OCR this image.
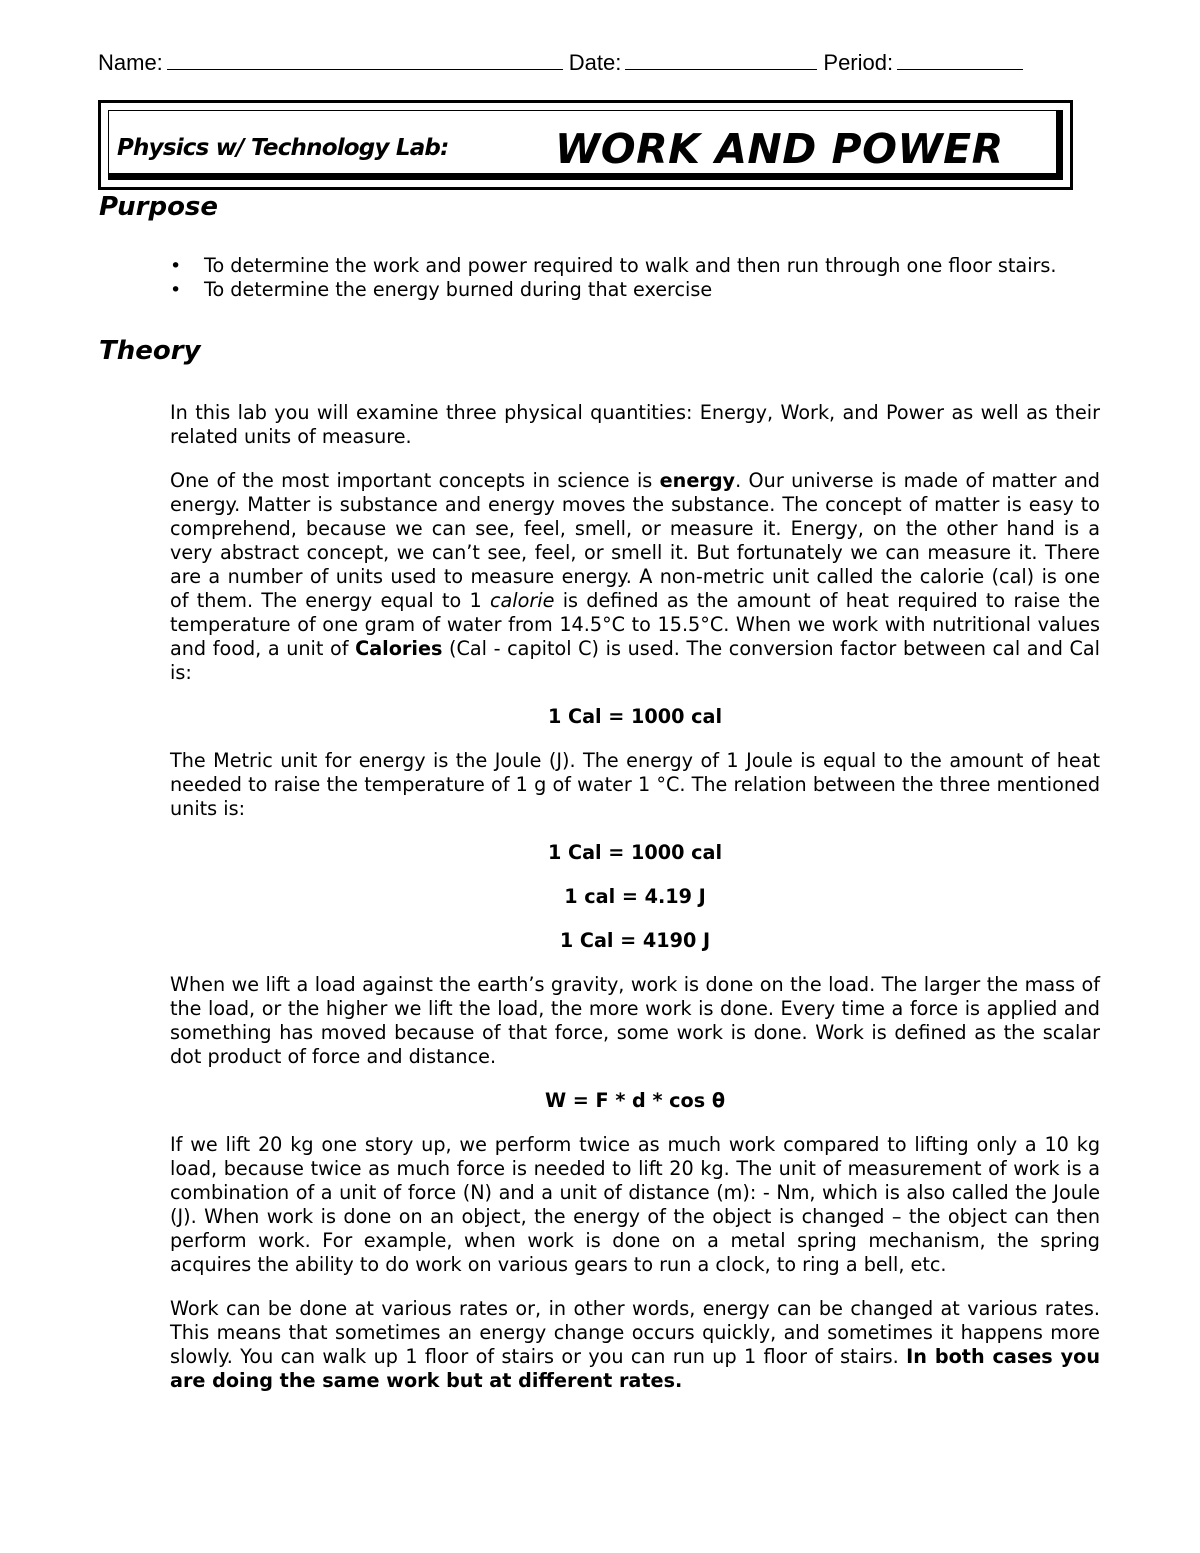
Name:	Date:	Period:
Physics w/ Technology Lab:	WORK AND POWER
Purpose
• To determine the work and power required to walk and then run through one floor stairs.
• To determine the energy burned during that exercise
Theory

In this lab you will examine three physical quantities: Energy, Work, and Power as well as their related units of measure.

One of the most important concepts in science is energy. Our universe is made of matter and energy. Matter is substance and energy moves the substance. The concept of matter is easy to comprehend, because we can see, feel, smell, or measure it. Energy, on the other hand is a very abstract concept, we can’t see, feel, or smell it. But fortunately we can measure it. There are a number of units used to measure energy. A non-metric unit called the calorie (cal) is one of them. The energy equal to 1 calorie is defined as the amount of heat required to raise the temperature of one gram of water from 14.5°C to 15.5°C. When we work with nutritional values and food, a unit of Calories (Cal - capitol C) is used. The conversion factor between cal and Cal is:

1 Cal = 1000 cal

The Metric unit for energy is the Joule (J). The energy of 1 Joule is equal to the amount of heat needed to raise the temperature of 1 g of water 1 °C. The relation between the three mentioned units is:

1 Cal = 1000 cal

1 cal = 4.19 J

1 Cal = 4190 J

When we lift a load against the earth’s gravity, work is done on the load. The larger the mass of the load, or the higher we lift the load, the more work is done. Every time a force is applied and something has moved because of that force, some work is done. Work is defined as the scalar dot product of force and distance.

W = F * d * cos θ

If we lift 20 kg one story up, we perform twice as much work compared to lifting only a 10 kg load, because twice as much force is needed to lift 20 kg. The unit of measurement of work is a combination of a unit of force (N) and a unit of distance (m): - Nm, which is also called the Joule (J). When work is done on an object, the energy of the object is changed – the object can then perform work. For example, when work is done on a metal spring mechanism, the spring acquires the ability to do work on various gears to run a clock, to ring a bell, etc.

Work can be done at various rates or, in other words, energy can be changed at various rates. This means that sometimes an energy change occurs quickly, and sometimes it happens more slowly. You can walk up 1 floor of stairs or you can run up 1 floor of stairs. In both cases you are doing the same work but at different rates.
